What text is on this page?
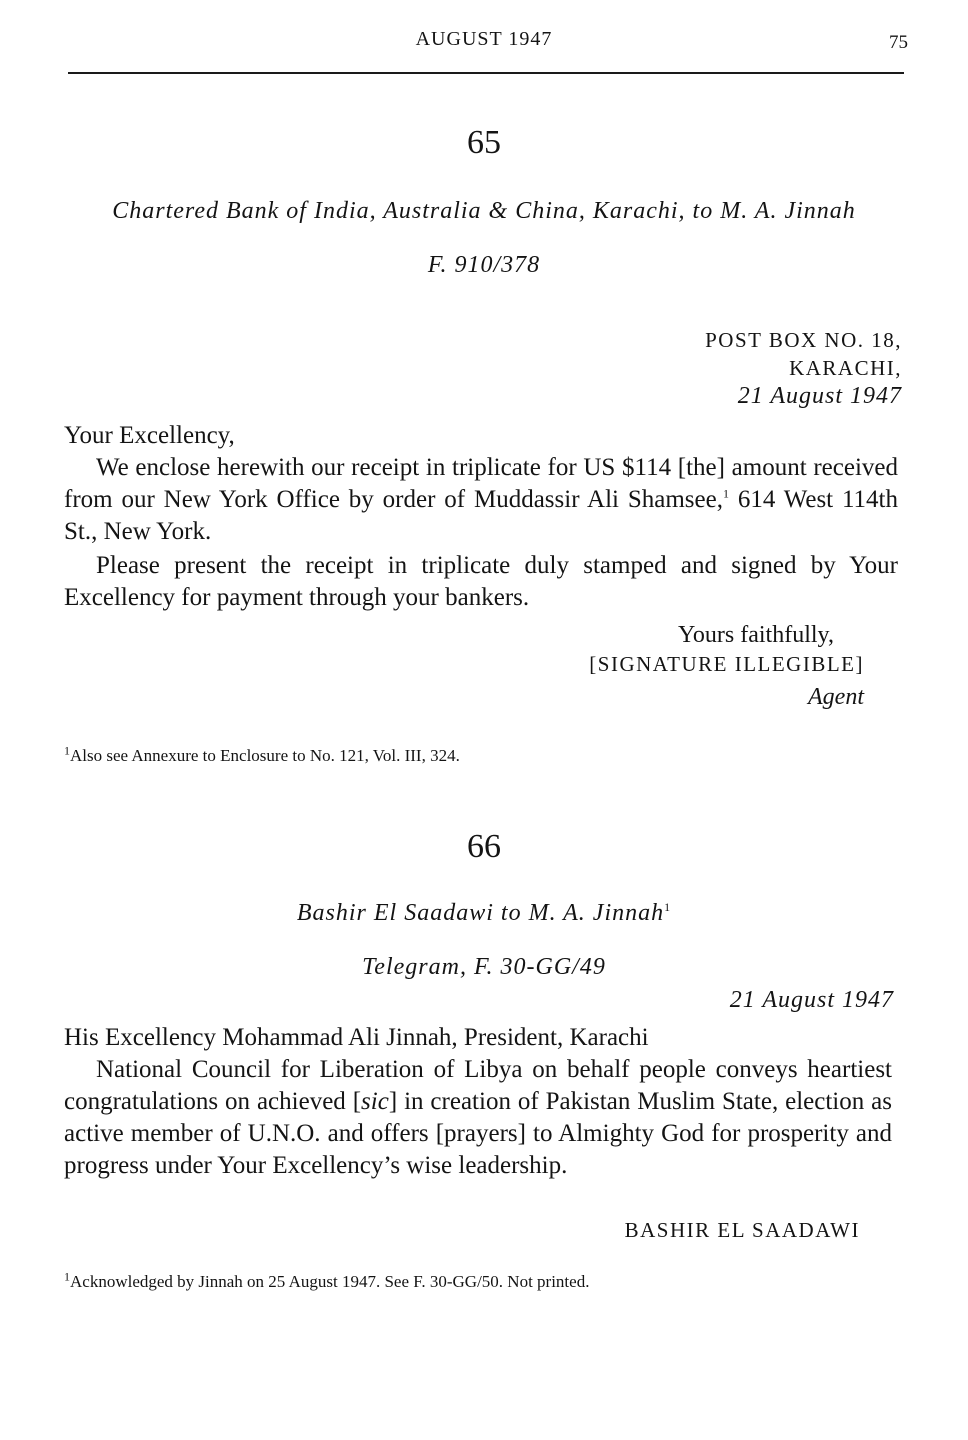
AUGUST 1947	75
65
Chartered Bank of India, Australia & China, Karachi, to M. A. Jinnah
F. 910/378
POST BOX NO. 18,
KARACHI,
21 August 1947
Your Excellency,
We enclose herewith our receipt in triplicate for US $114 [the] amount received from our New York Office by order of Muddassir Ali Shamsee,$^1$ 614 West 114th St., New York.
Please present the receipt in triplicate duly stamped and signed by Your Excellency for payment through your bankers.
Yours faithfully,
[SIGNATURE ILLEGIBLE]
Agent
$^1$Also see Annexure to Enclosure to No. 121, Vol. III, 324.
66
Bashir El Saadawi to M. A. Jinnah$^1$
Telegram, F. 30-GG/49
21 August 1947
His Excellency Mohammad Ali Jinnah, President, Karachi
National Council for Liberation of Libya on behalf people conveys heartiest congratulations on achieved [sic] in creation of Pakistan Muslim State, election as active member of U.N.O. and offers [prayers] to Almighty God for prosperity and progress under Your Excellency’s wise leadership.
BASHIR EL SAADAWI
$^1$Acknowledged by Jinnah on 25 August 1947. See F. 30-GG/50. Not printed.
